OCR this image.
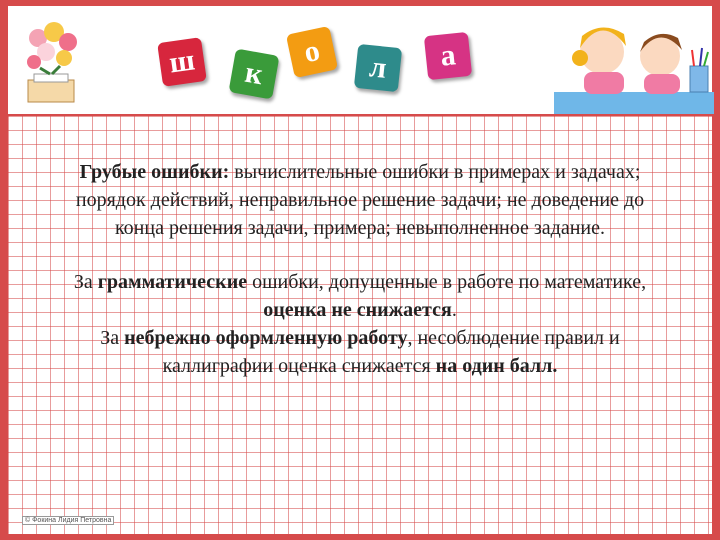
ш	к
о	л	а
Грубые ошибки: вычислительные ошибки в примерах и задачах; порядок действий, неправильное решение задачи; не доведение до конца решения задачи, примера; невыполненное задание.
За грамматические ошибки, допущенные в работе по математике, оценка не снижается.
За небрежно оформленную работу, несоблюдение правил и каллиграфии оценка снижается на один балл.
© Фокина Лидия Петровна
